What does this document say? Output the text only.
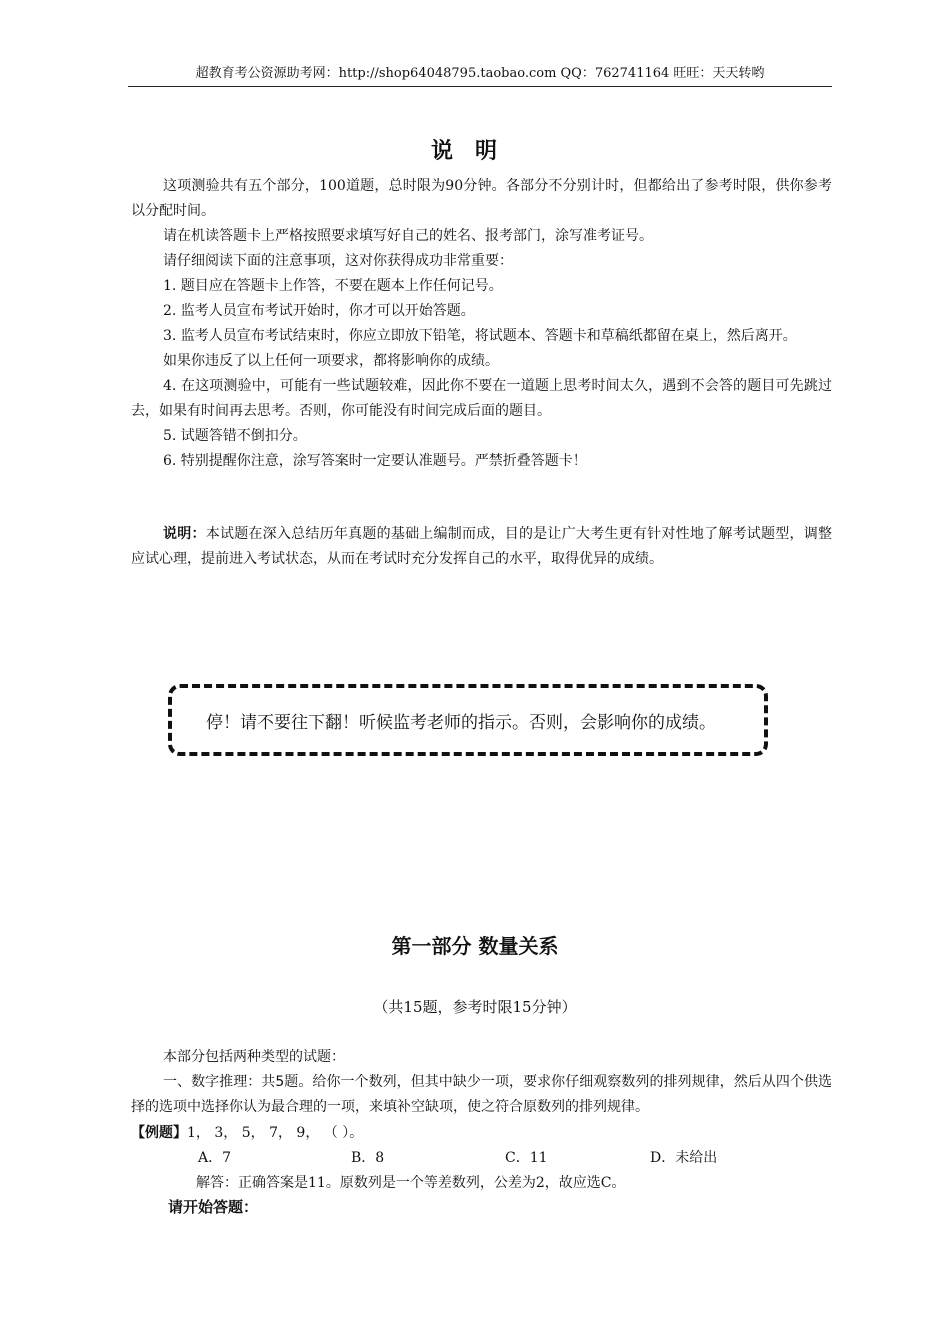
超教育考公资源助考网：http://shop64048795.taobao.com QQ：762741164 旺旺：天天转哟
说明

这项测验共有五个部分，100道题，总时限为90分钟。各部分不分别计时，但都给出了参考时限，供你参考以分配时间。

请在机读答题卡上严格按照要求填写好自己的姓名、报考部门，涂写准考证号。

请仔细阅读下面的注意事项，这对你获得成功非常重要：

1. 题目应在答题卡上作答，不要在题本上作任何记号。

2. 监考人员宣布考试开始时，你才可以开始答题。

3. 监考人员宣布考试结束时，你应立即放下铅笔，将试题本、答题卡和草稿纸都留在桌上，然后离开。

如果你违反了以上任何一项要求，都将影响你的成绩。

4. 在这项测验中，可能有一些试题较难，因此你不要在一道题上思考时间太久，遇到不会答的题目可先跳过去，如果有时间再去思考。否则，你可能没有时间完成后面的题目。

5. 试题答错不倒扣分。

6. 特别提醒你注意，涂写答案时一定要认准题号。严禁折叠答题卡！

说明：本试题在深入总结历年真题的基础上编制而成，目的是让广大考生更有针对性地了解考试题型，调整应试心理，提前进入考试状态，从而在考试时充分发挥自己的水平，取得优异的成绩。

停！请不要往下翻！听候监考老师的指示。否则，会影响你的成绩。
第一部分 数量关系
（共15题，参考时限15分钟）

本部分包括两种类型的试题：

一、数字推理：共5题。给你一个数列，但其中缺少一项，要求你仔细观察数列的排列规律，然后从四个供选择的选项中选择你认为最合理的一项，来填补空缺项，使之符合原数列的排列规律。

【例题】1， 3， 5， 7， 9， （ ）。
A．7	B．8	C．11	D．未给出
解答：正确答案是11。原数列是一个等差数列，公差为2，故应选C。
请开始答题：
